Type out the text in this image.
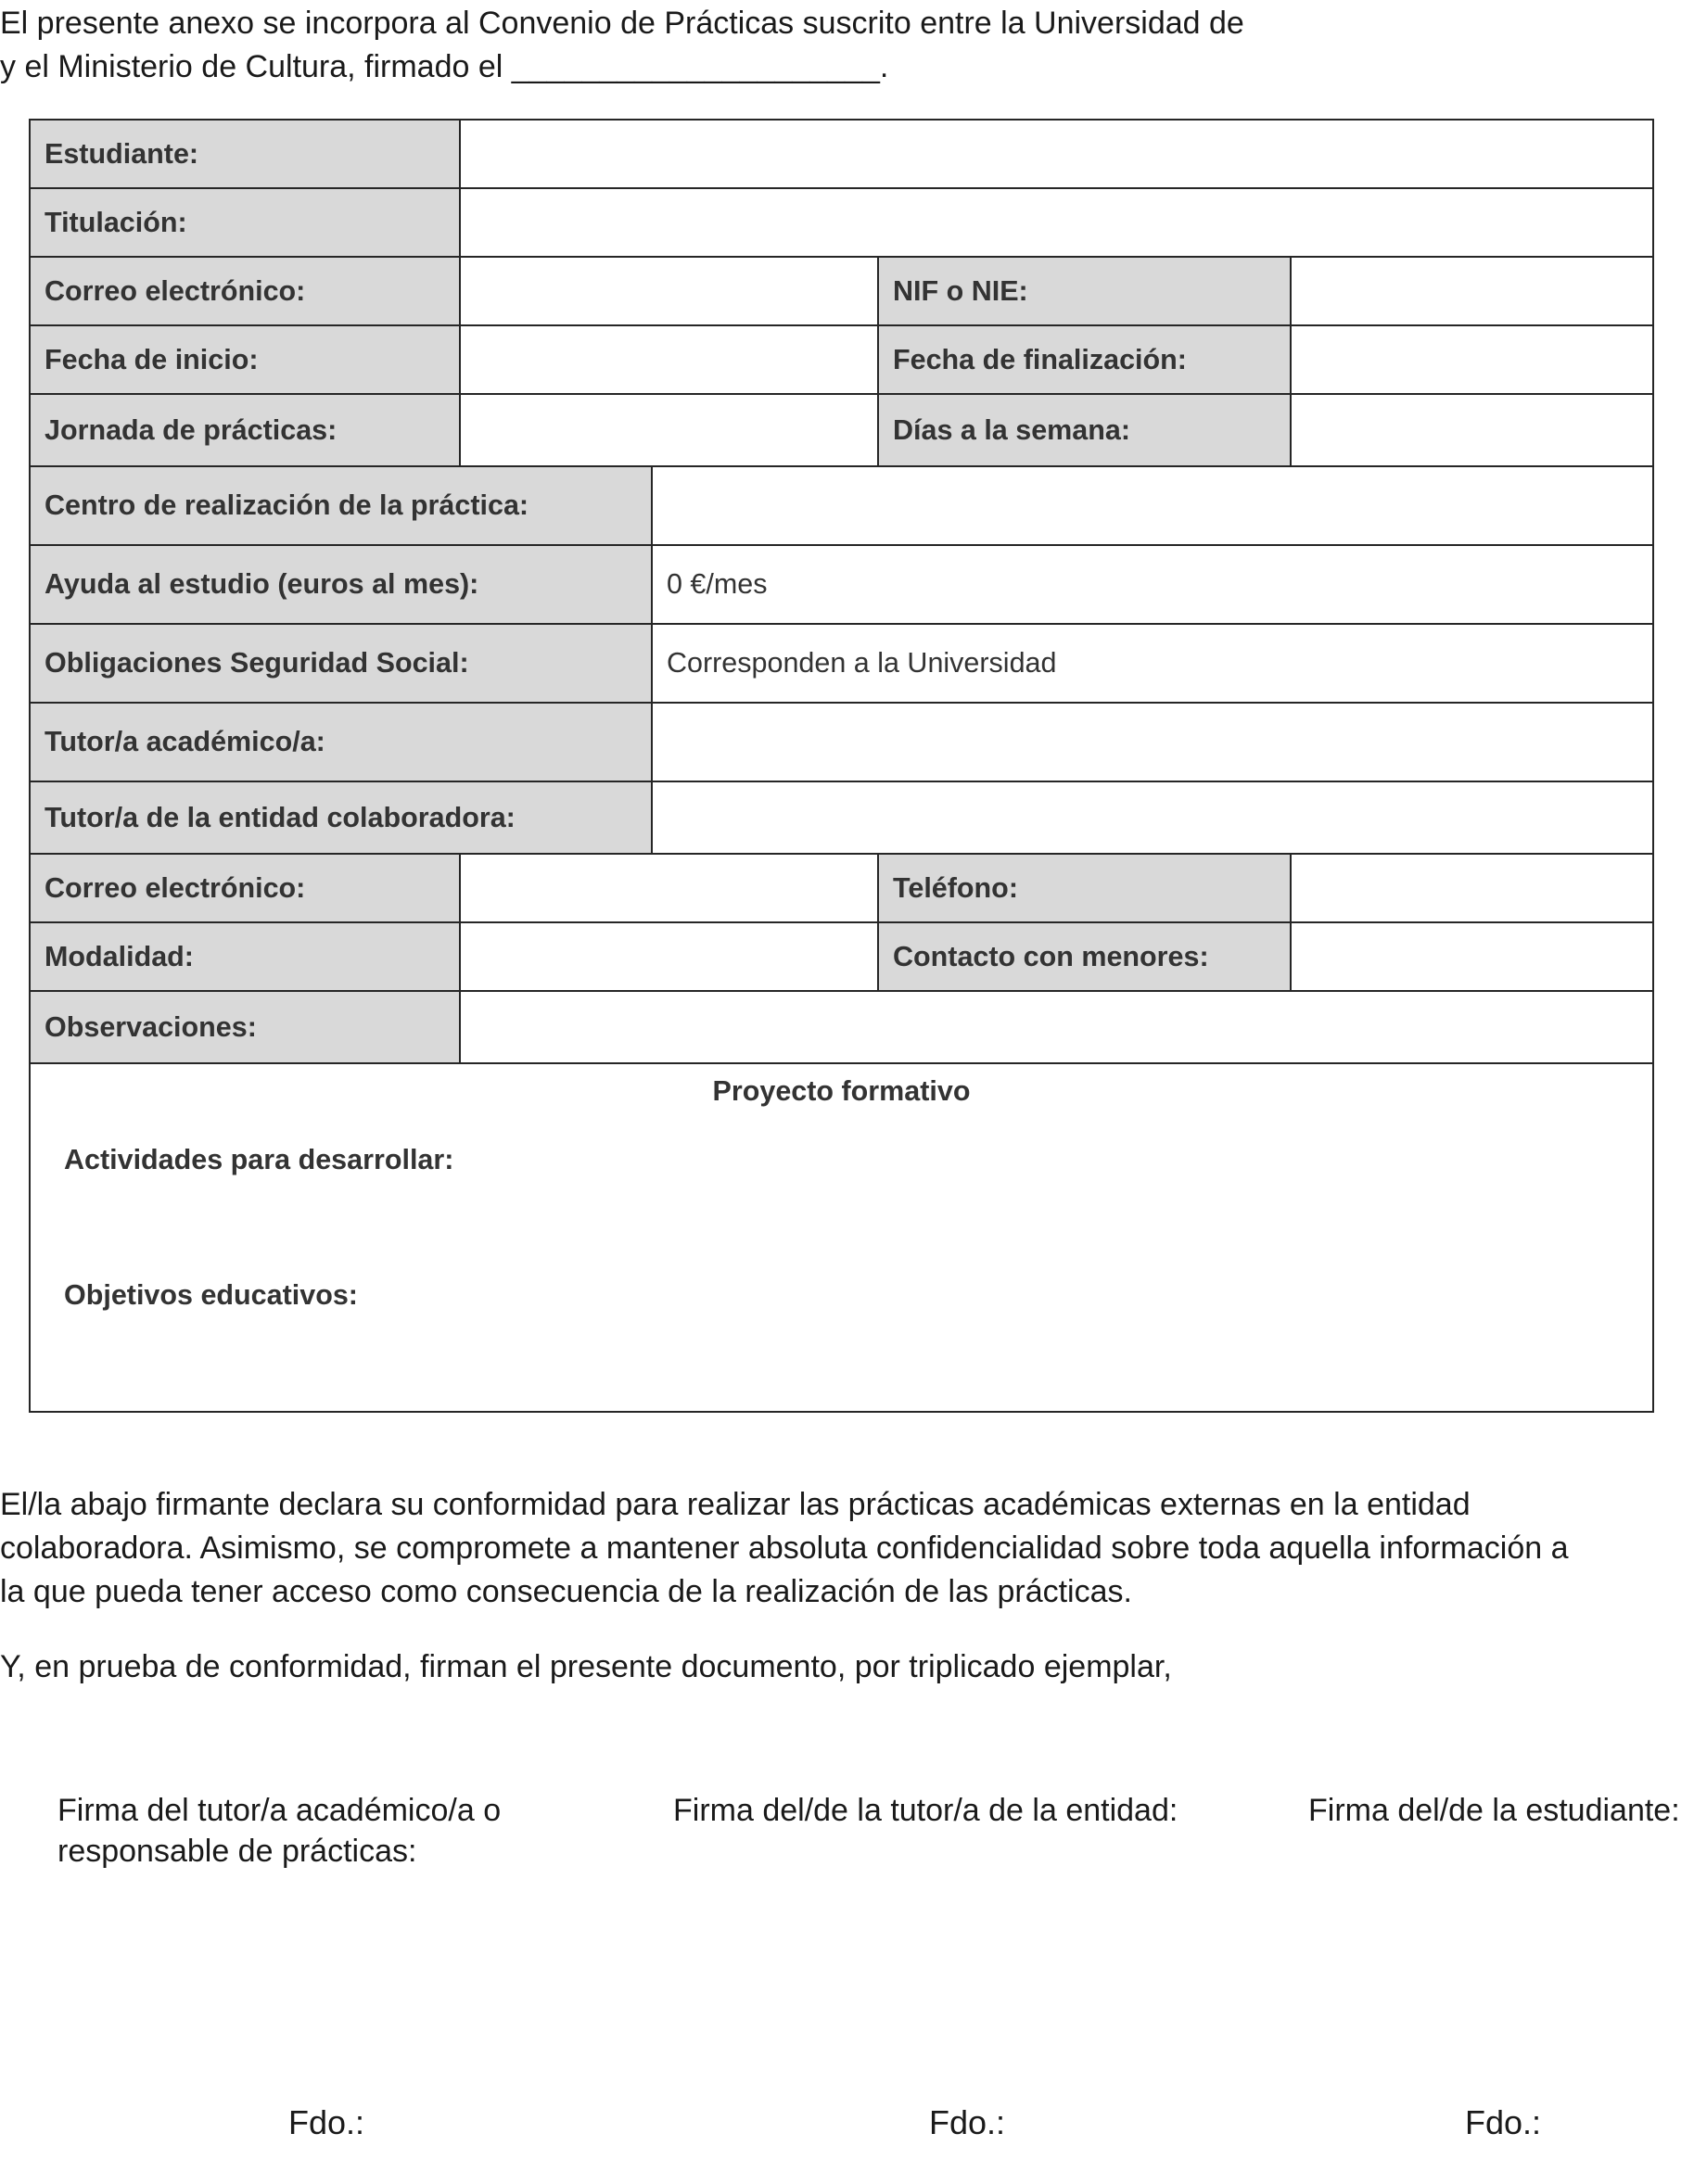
El presente anexo se incorpora al Convenio de Prácticas suscrito entre la Universidad de

y el Ministerio de Cultura, firmado el _____________________.

Estudiante:				
Titulación:				
Correo electrónico:			NIF o NIE:	
Fecha de inicio:			Fecha de finalización:	
Jornada de prácticas:			Días a la semana:	
Centro de realización de la práctica:				
Ayuda al estudio (euros al mes):		0 €/mes		
Obligaciones Seguridad Social:		Corresponden a la Universidad		
Tutor/a académico/a:				
Tutor/a de la entidad colaboradora:				
Correo electrónico:			Teléfono:	
Modalidad:			Contacto con menores:	
Observaciones:				

Proyecto formativo
Actividades para desarrollar:
Objetivos educativos:				

El/la abajo firmante declara su conformidad para realizar las prácticas académicas externas en la entidad

colaboradora. Asimismo, se compromete a mantener absoluta confidencialidad sobre toda aquella información a

la que pueda tener acceso como consecuencia de la realización de las prácticas.

Y, en prueba de conformidad, firman el presente documento, por triplicado ejemplar,

Firma del tutor/a académico/a o

responsable de prácticas:

Firma del/de la tutor/a de la entidad:	Firma del/de la estudiante:

Fdo.:	Fdo.:	Fdo.:
